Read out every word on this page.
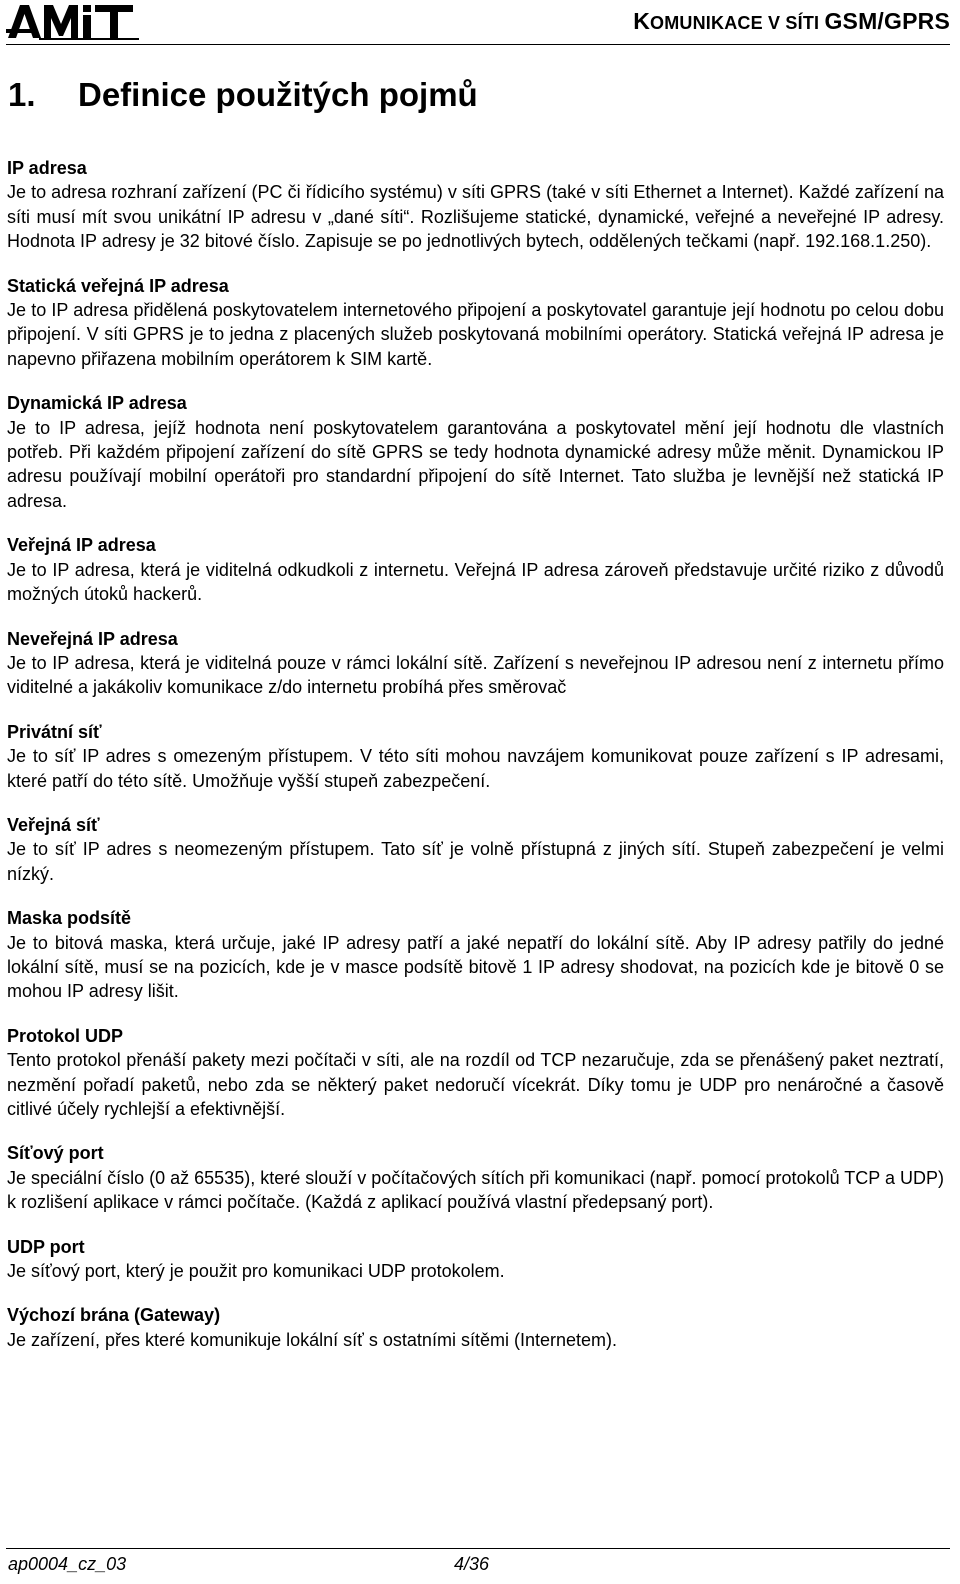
KOMUNIKACE V SÍTI GSM/GPRS
1. Definice použitých pojmů

IP adresa

Je to adresa rozhraní zařízení (PC či řídicího systému) v síti GPRS (také v síti Ethernet a Internet). Každé zařízení na síti musí mít svou unikátní IP adresu v „dané síti“. Rozlišujeme statické, dynamické, veřejné a neveřejné IP adresy. Hodnota IP adresy je 32 bitové číslo. Zapisuje se po jednotlivých bytech, oddělených tečkami (např. 192.168.1.250).

Statická veřejná IP adresa

Je to IP adresa přidělená poskytovatelem internetového připojení a poskytovatel garantuje její hodnotu po celou dobu připojení. V síti GPRS je to jedna z placených služeb poskytovaná mobilními operátory. Statická veřejná IP adresa je napevno přiřazena mobilním operátorem k SIM kartě.

Dynamická IP adresa

Je to IP adresa, jejíž hodnota není poskytovatelem garantována a poskytovatel mění její hodnotu dle vlastních potřeb. Při každém připojení zařízení do sítě GPRS se tedy hodnota dynamické adresy může měnit. Dynamickou IP adresu používají mobilní operátoři pro standardní připojení do sítě Internet. Tato služba je levnější než statická IP adresa.

Veřejná IP adresa

Je to IP adresa, která je viditelná odkudkoli z internetu. Veřejná IP adresa zároveň představuje určité riziko z důvodů možných útoků hackerů.

Neveřejná IP adresa

Je to IP adresa, která je viditelná pouze v rámci lokální sítě. Zařízení s neveřejnou IP adresou není z internetu přímo viditelné a jakákoliv komunikace z/do internetu probíhá přes směrovač

Privátní síť

Je to síť IP adres s omezeným přístupem. V této síti mohou navzájem komunikovat pouze zařízení s IP adresami, které patří do této sítě. Umožňuje vyšší stupeň zabezpečení.

Veřejná síť

Je to síť IP adres s neomezeným přístupem. Tato síť je volně přístupná z jiných sítí. Stupeň zabezpečení je velmi nízký.

Maska podsítě

Je to bitová maska, která určuje, jaké IP adresy patří a jaké nepatří do lokální sítě. Aby IP adresy patřily do jedné lokální sítě, musí se na pozicích, kde je v masce podsítě bitově 1 IP adresy shodovat, na pozicích kde je bitově 0 se mohou IP adresy lišit.

Protokol UDP

Tento protokol přenáší pakety mezi počítači v síti, ale na rozdíl od TCP nezaručuje, zda se přenášený paket neztratí, nezmění pořadí paketů, nebo zda se některý paket nedoručí vícekrát. Díky tomu je UDP pro nenáročné a časově citlivé účely rychlejší a efektivnější.

Síťový port

Je speciální číslo (0 až 65535), které slouží v počítačových sítích při komunikaci (např. pomocí protokolů TCP a UDP) k rozlišení aplikace v rámci počítače. (Každá z aplikací používá vlastní předepsaný port).

UDP port

Je síťový port, který je použit pro komunikaci UDP protokolem.

Výchozí brána (Gateway)

Je zařízení, přes které komunikuje lokální síť s ostatními sítěmi (Internetem).

ap0004_cz_03	4/36
